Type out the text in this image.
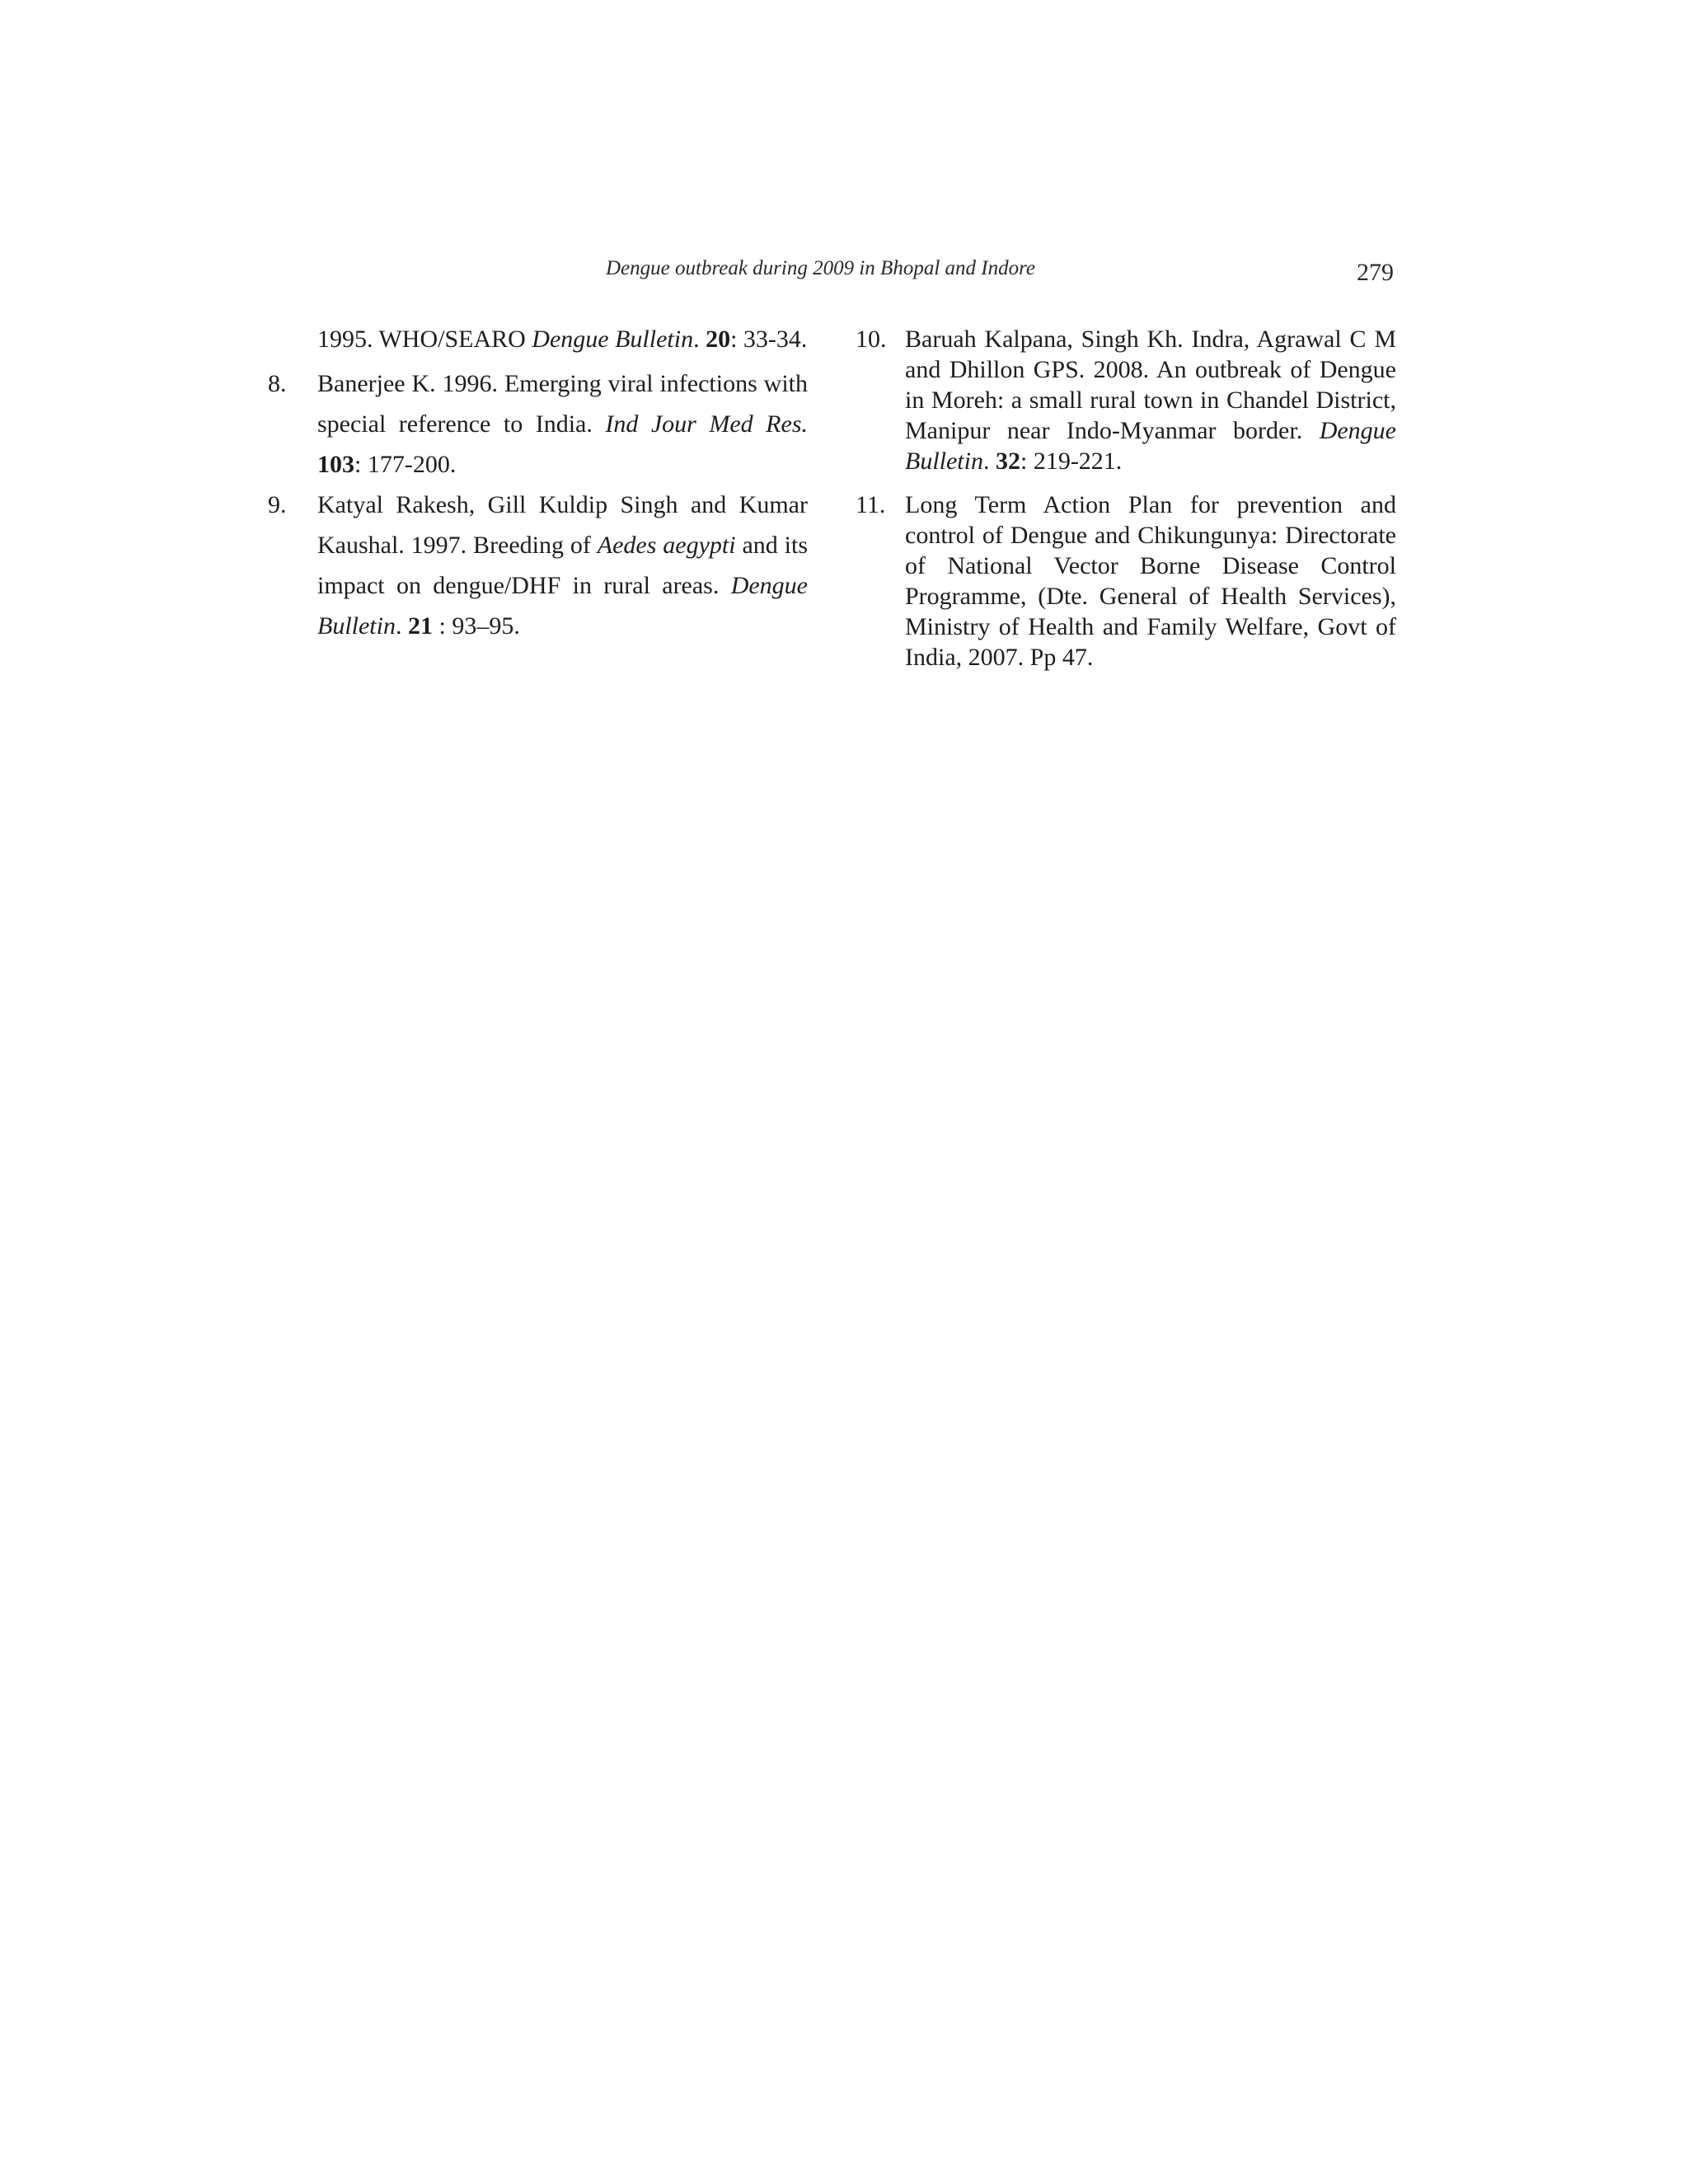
Dengue outbreak during 2009 in Bhopal and Indore	279
1995. WHO/SEARO Dengue Bulletin. 20: 33-34.
8. Banerjee K. 1996. Emerging viral infections with special reference to India. Ind Jour Med Res. 103: 177-200.
9. Katyal Rakesh, Gill Kuldip Singh and Kumar Kaushal. 1997. Breeding of Aedes aegypti and its impact on dengue/DHF in rural areas. Dengue Bulletin. 21 : 93–95.
10. Baruah Kalpana, Singh Kh. Indra, Agrawal C M and Dhillon GPS. 2008. An outbreak of Dengue in Moreh: a small rural town in Chandel District, Manipur near Indo-Myanmar border. Dengue Bulletin. 32: 219-221.
11. Long Term Action Plan for prevention and control of Dengue and Chikungunya: Directorate of National Vector Borne Disease Control Programme, (Dte. General of Health Services), Ministry of Health and Family Welfare, Govt of India, 2007. Pp 47.
